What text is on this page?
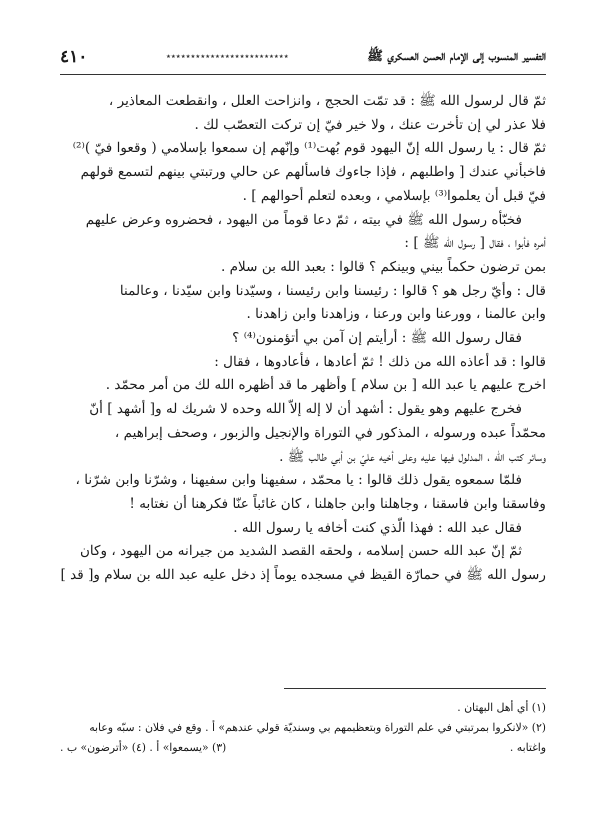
٤١٠	٭٭٭٭٭٭٭٭٭٭٭٭٭٭٭٭٭٭٭٭٭٭٭٭٭	التفسير المنسوب إلى الإمام الحسن العسكري ﷺ

ثمّ قال لرسول الله ﷺ : قد تمّت الحجج ، وانزاحت العلل ، وانقطعت المعاذير ،

فلا عذر لي إن تأخرت عنك ، ولا خير فيّ إن تركت التعصّب لك .

ثمّ قال : يا رسول الله إنّ اليهود قوم بُهت⁽¹⁾ وإنّهم إن سمعوا بإسلامي ( وقعوا فيّ )⁽²⁾

فاخبأني عندك [ واطلبهم ، فإذا جاءوك فاسألهم عن حالي ورتبتي بينهم لتسمع قولهم

فيّ قبل أن يعلموا⁽³⁾ بإسلامي ، وبعده لتعلم أحوالهم ] .

فخبّأه رسول الله ﷺ في بيته ، ثمّ دعا قوماً من اليهود ، فحضروه وعرض عليهم

أمره فأبوا ، فقال [ رسول الله ﷺ ] :

بمن ترضون حكماً بيني وبينكم ؟ قالوا : بعبد الله بن سلام .

قال : وأيّ رجل هو ؟ قالوا : رئيسنا وابن رئيسنا ، وسيّدنا وابن سيّدنا ، وعالمنا

وابن عالمنا ، وورعنا وابن ورعنا ، وزاهدنا وابن زاهدنا .

فقال رسول الله ﷺ : أرأيتم إن آمن بي أتؤمنون⁽⁴⁾ ؟

قالوا : قد أعاذه الله من ذلك ! ثمّ أعادها ، فأعادوها ، فقال :

اخرج عليهم يا عبد الله [ بن سلام ] وأظهر ما قد أظهره الله لك من أمر محمّد .

فخرج عليهم وهو يقول : أشهد أن لا إله إلاّ الله وحده لا شريك له و[ أشهد ] أنّ

محمّداً عبده ورسوله ، المذكور في التوراة والإنجيل والزبور ، وصحف إبراهيم ،

وسائر كتب الله ، المدلول فيها عليه وعلى أخيه عليّ بن أبي طالب ﷺ .

فلمّا سمعوه يقول ذلك قالوا : يا محمّد ، سفيهنا وابن سفيهنا ، وشرّنا وابن شرّنا ،

وفاسقنا وابن فاسقنا ، وجاهلنا وابن جاهلنا ، كان غائباً عنّا فكرهنا أن نغتابه !

فقال عبد الله : فهذا الّذي كنت أخافه يا رسول الله .

ثمّ إنّ عبد الله حسن إسلامه ، ولحقه القصد الشديد من جيرانه من اليهود ، وكان

رسول الله ﷺ في حمارّة القيظ في مسجده يوماً إذ دخل عليه عبد الله بن سلام و[ قد ]

(١) أي أهل البهتان .

(٢) «لانكروا بمرتبتي في علم التوراة وبتعظيمهم بي وسنديّة قولي عندهم» أ . وقع في فلان : سبّه وعابه

واغتابه .
(٣) «يسمعوا» أ . (٤) «أترضون» ب .
